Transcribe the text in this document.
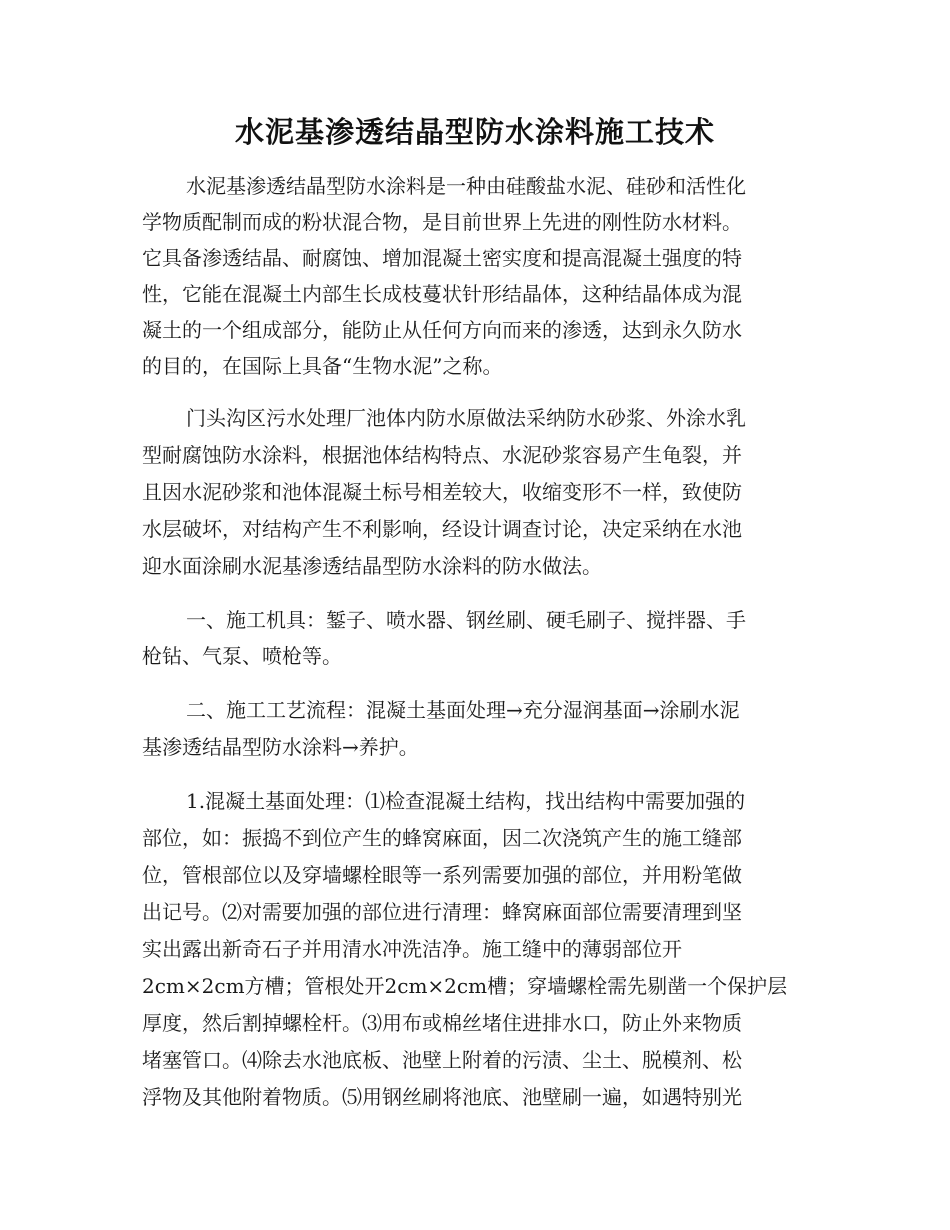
水泥基渗透结晶型防水涂料施工技术
水泥基渗透结晶型防水涂料是一种由硅酸盐水泥、硅砂和活性化
学物质配制而成的粉状混合物，是目前世界上先进的刚性防水材料。
它具备渗透结晶、耐腐蚀、增加混凝土密实度和提高混凝土强度的特
性，它能在混凝土内部生长成枝蔓状针形结晶体，这种结晶体成为混
凝土的一个组成部分，能防止从任何方向而来的渗透，达到永久防水
的目的，在国际上具备“生物水泥”之称。
门头沟区污水处理厂池体内防水原做法采纳防水砂浆、外涂水乳
型耐腐蚀防水涂料，根据池体结构特点、水泥砂浆容易产生龟裂，并
且因水泥砂浆和池体混凝土标号相差较大，收缩变形不一样，致使防
水层破坏，对结构产生不利影响，经设计调查讨论，决定采纳在水池
迎水面涂刷水泥基渗透结晶型防水涂料的防水做法。
一、施工机具：錾子、喷水器、钢丝刷、硬毛刷子、搅拌器、手
枪钻、气泵、喷枪等。
二、施工工艺流程：混凝土基面处理→充分湿润基面→涂刷水泥
基渗透结晶型防水涂料→养护。
1.混凝土基面处理：⑴检查混凝土结构，找出结构中需要加强的
部位，如：振捣不到位产生的蜂窝麻面，因二次浇筑产生的施工缝部
位，管根部位以及穿墙螺栓眼等一系列需要加强的部位，并用粉笔做
出记号。⑵对需要加强的部位进行清理：蜂窝麻面部位需要清理到坚
实出露出新奇石子并用清水冲洗洁净。施工缝中的薄弱部位开
2cm×2cm方槽；管根处开2cm×2cm槽；穿墙螺栓需先剔凿一个保护层
厚度，然后割掉螺栓杆。⑶用布或棉丝堵住进排水口，防止外来物质
堵塞管口。⑷除去水池底板、池壁上附着的污渍、尘土、脱模剂、松
浮物及其他附着物质。⑸用钢丝刷将池底、池壁刷一遍，如遇特别光
